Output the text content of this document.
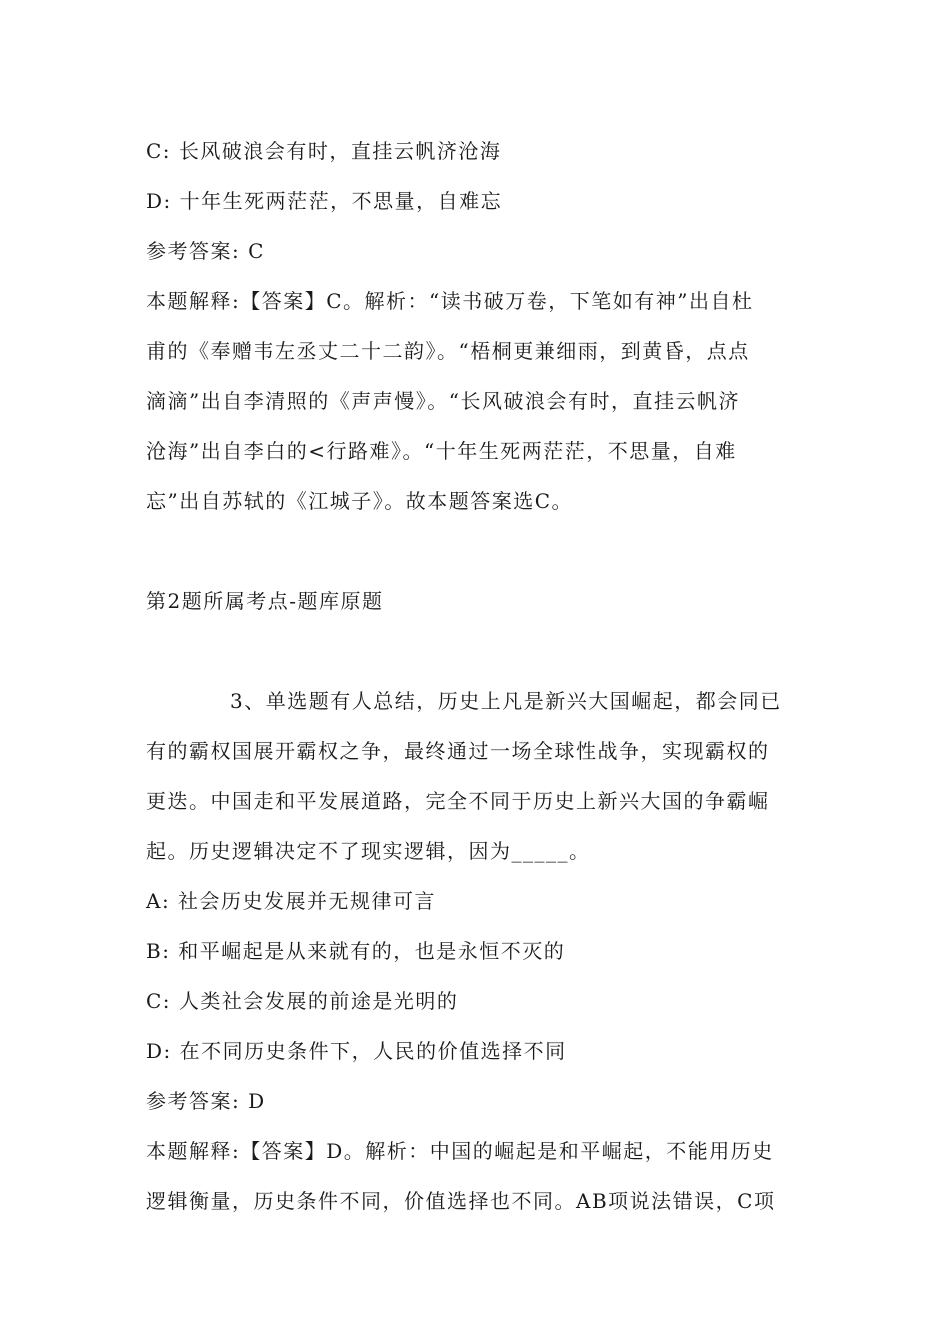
C: 长风破浪会有时，直挂云帆济沧海
D: 十年生死两茫茫，不思量，自难忘
参考答案: C
本题解释:【答案】C。解析：“读书破万卷，下笔如有神”出自杜
甫的《奉赠韦左丞丈二十二韵》。“梧桐更兼细雨，到黄昏，点点
滴滴”出自李清照的《声声慢》。“长风破浪会有时，直挂云帆济
沧海”出自李白的<行路难》。“十年生死两茫茫，不思量，自难
忘”出自苏轼的《江城子》。故本题答案选C。
第2题所属考点-题库原题
3、单选题有人总结，历史上凡是新兴大国崛起，都会同已
有的霸权国展开霸权之争，最终通过一场全球性战争，实现霸权的
更迭。中国走和平发展道路，完全不同于历史上新兴大国的争霸崛
起。历史逻辑决定不了现实逻辑，因为_____。
A: 社会历史发展并无规律可言
B: 和平崛起是从来就有的，也是永恒不灭的
C: 人类社会发展的前途是光明的
D: 在不同历史条件下，人民的价值选择不同
参考答案: D
本题解释:【答案】D。解析：中国的崛起是和平崛起，不能用历史
逻辑衡量，历史条件不同，价值选择也不同。AB项说法错误，C项
